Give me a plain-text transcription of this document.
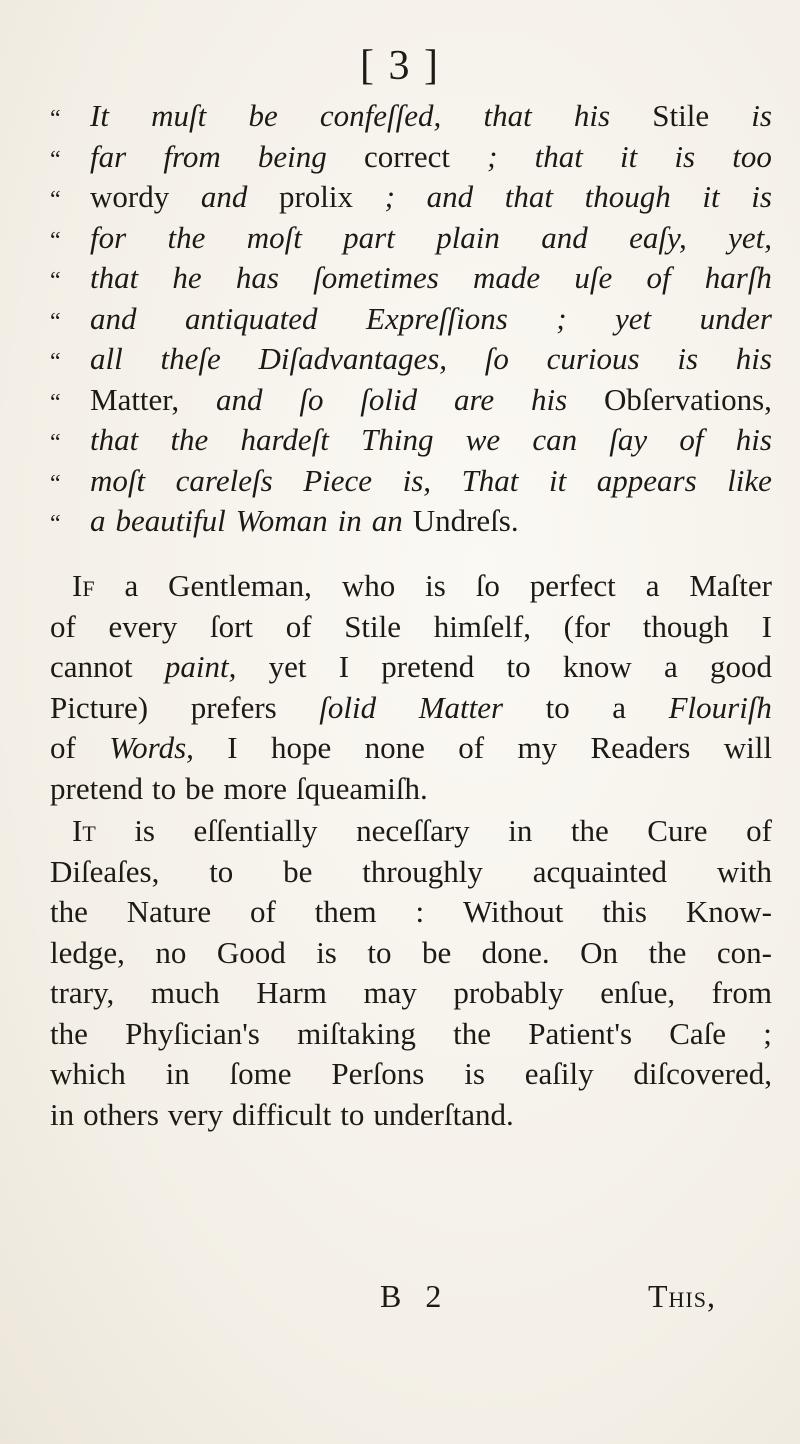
[ 3 ]
“ It muſt be confeſſed, that his Stile is
“ far from being correct ; that it is too
“ wordy and prolix ; and that though it is
“ for the moſt part plain and eaſy, yet,
“ that he has ſometimes made uſe of harſh
“ and antiquated Expreſſions ; yet under
“ all theſe Diſadvantages, ſo curious is his
“ Matter, and ſo ſolid are his Obſervations,
“ that the hardeſt Thing we can ſay of his
“ moſt careleſs Piece is, That it appears like
“ a beautiful Woman in an Undreſs.
If a Gentleman, who is ſo perfect a Maſter
of every ſort of Stile himſelf, (for though I
cannot paint, yet I pretend to know a good
Picture) prefers ſolid Matter to a Flouriſh
of Words, I hope none of my Readers will
pretend to be more ſqueamiſh.
It is eſſentially neceſſary in the Cure of
Diſeaſes, to be throughly acquainted with
the Nature of them : Without this Know-
ledge, no Good is to be done. On the con-
trary, much Harm may probably enſue, from
the Phyſician's miſtaking the Patient's Caſe ;
which in ſome Perſons is eaſily diſcovered,
in others very difficult to underſtand.
B 2	This,
